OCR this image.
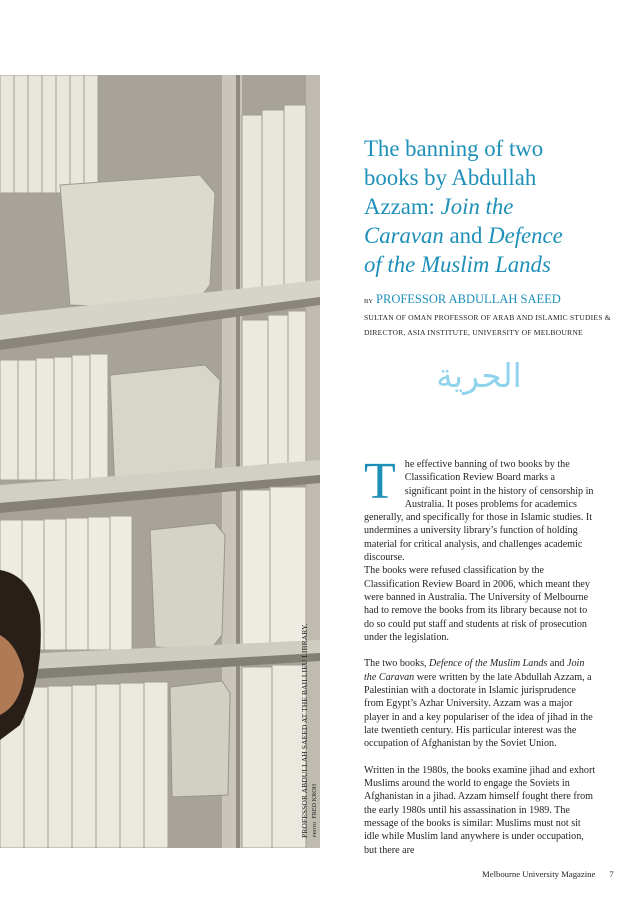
PROFESSOR ABDULLAH SAEED AT THE BAILLIEU LIBRARY. PHOTOFRED KROH
The banning of two
books by Abdullah
Azzam: Join the
Caravan and Defence
of the Muslim Lands
BY PROFESSOR ABDULLAH SAEED
SULTAN OF OMAN PROFESSOR OF ARAB AND ISLAMIC STUDIES & DIRECTOR, ASIA INSTITUTE, UNIVERSITY OF MELBOURNE
الحرية

The effective banning of two books by the Classification Review Board marks a significant point in the history of censorship in Australia. It poses problems for academics generally, and specifically for those in Islamic studies. It undermines a university library’s function of holding material for critical analysis, and challenges academic discourse.
The books were refused classification by the Classification Review Board in 2006, which meant they were banned in Australia. The University of Melbourne had to remove the books from its library because not to do so could put staff and students at risk of prosecution under the legislation.

The two books, Defence of the Muslim Lands and Join the Caravan were written by the late Abdullah Azzam, a Palestinian with a doctorate in Islamic jurisprudence from Egypt’s Azhar University. Azzam was a major player in and a key populariser of the idea of jihad in the late twentieth century. His particular interest was the occupation of Afghanistan by the Soviet Union.

Written in the 1980s, the books examine jihad and exhort Muslims around the world to engage the Soviets in Afghanistan in a jihad. Azzam himself fought there from the early 1980s until his assassination in 1989. The message of the books is similar: Muslims must not sit idle while Muslim land anywhere is under occupation, but there are

Melbourne University Magazine 7
